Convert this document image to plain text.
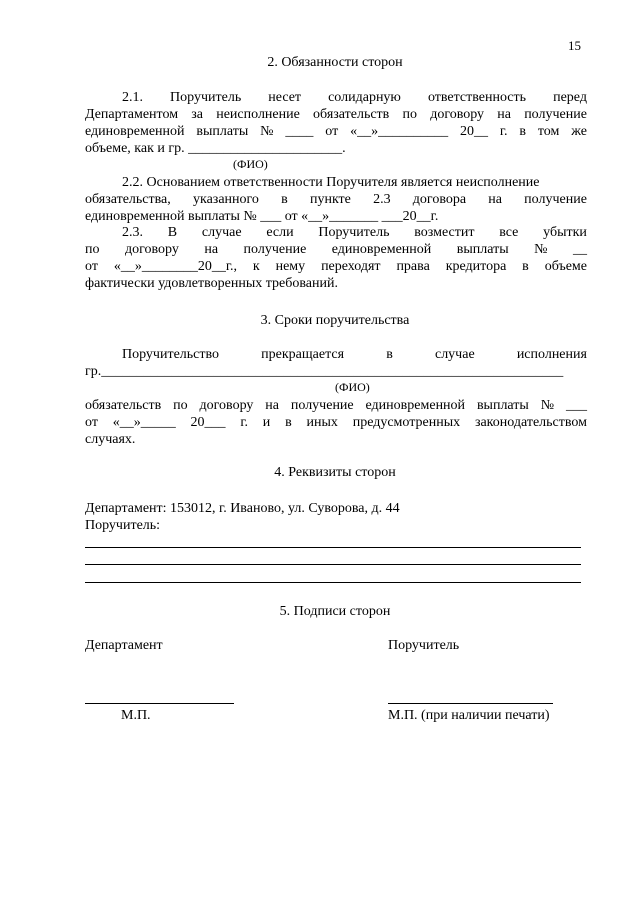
15
2. Обязанности сторон
2.1. Поручитель несет солидарную ответственность перед
Департаментом за неисполнение обязательств по договору на получение
единовременной выплаты № ____ от «__»__________ 20__ г. в том же
объеме, как и гр. ______________________.
(ФИО)
2.2. Основанием ответственности Поручителя является неисполнение
обязательства, указанного в пункте 2.3 договора на получение
единовременной выплаты № ___ от «__»_______ ___20__г.
2.3. В случае если Поручитель возместит все убытки
по договору на получение единовременной выплаты № __
от «__»________20__г., к нему переходят права кредитора в объеме
фактически удовлетворенных требований.
3. Сроки поручительства
Поручительство	прекращается	в	случае	исполнения
гр.__________________________________________________________________
(ФИО)
обязательств по договору на получение единовременной выплаты № ___
от «__»_____ 20___ г. и в иных предусмотренных законодательством
случаях.
4. Реквизиты сторон
Департамент: 153012, г. Иваново, ул. Суворова, д. 44
Поручитель:
5. Подписи сторон
Департамент	Поручитель
М.П.	М.П. (при наличии печати)
